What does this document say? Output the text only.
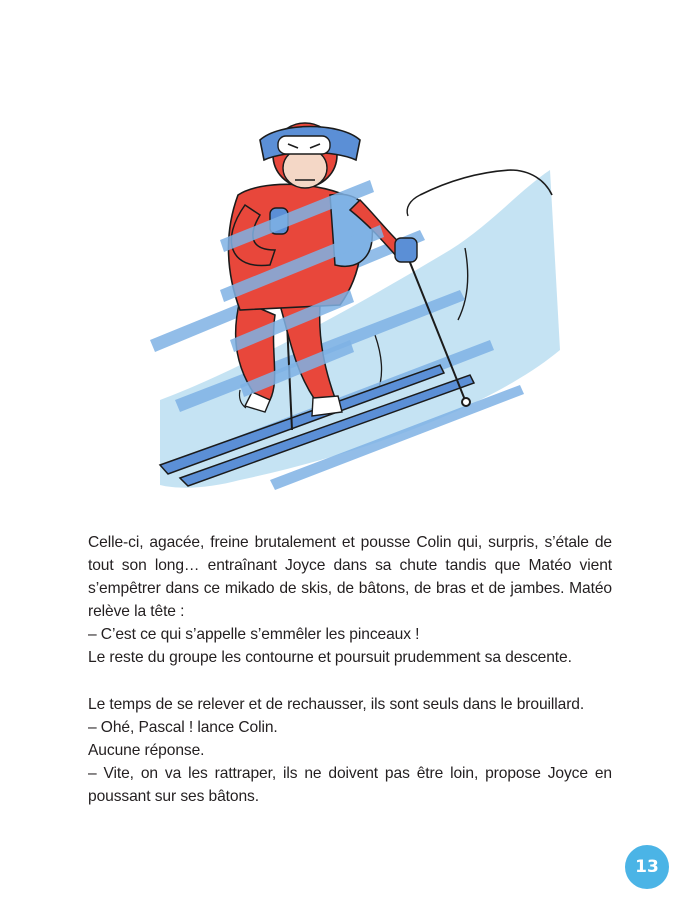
Celle-ci, agacée, freine brutalement et pousse Colin qui, surpris, s’étale de tout son long… entraînant Joyce dans sa chute tandis que Matéo vient s’empêtrer dans ce mikado de skis, de bâtons, de bras et de jambes. Matéo relève la tête :

– C’est ce qui s’appelle s’emmêler les pinceaux !

Le reste du groupe les contourne et poursuit prudemment sa descente.

Le temps de se relever et de rechausser, ils sont seuls dans le brouillard.

– Ohé, Pascal ! lance Colin.

Aucune réponse.

– Vite, on va les rattraper, ils ne doivent pas être loin, propose Joyce en poussant sur ses bâtons.

13
